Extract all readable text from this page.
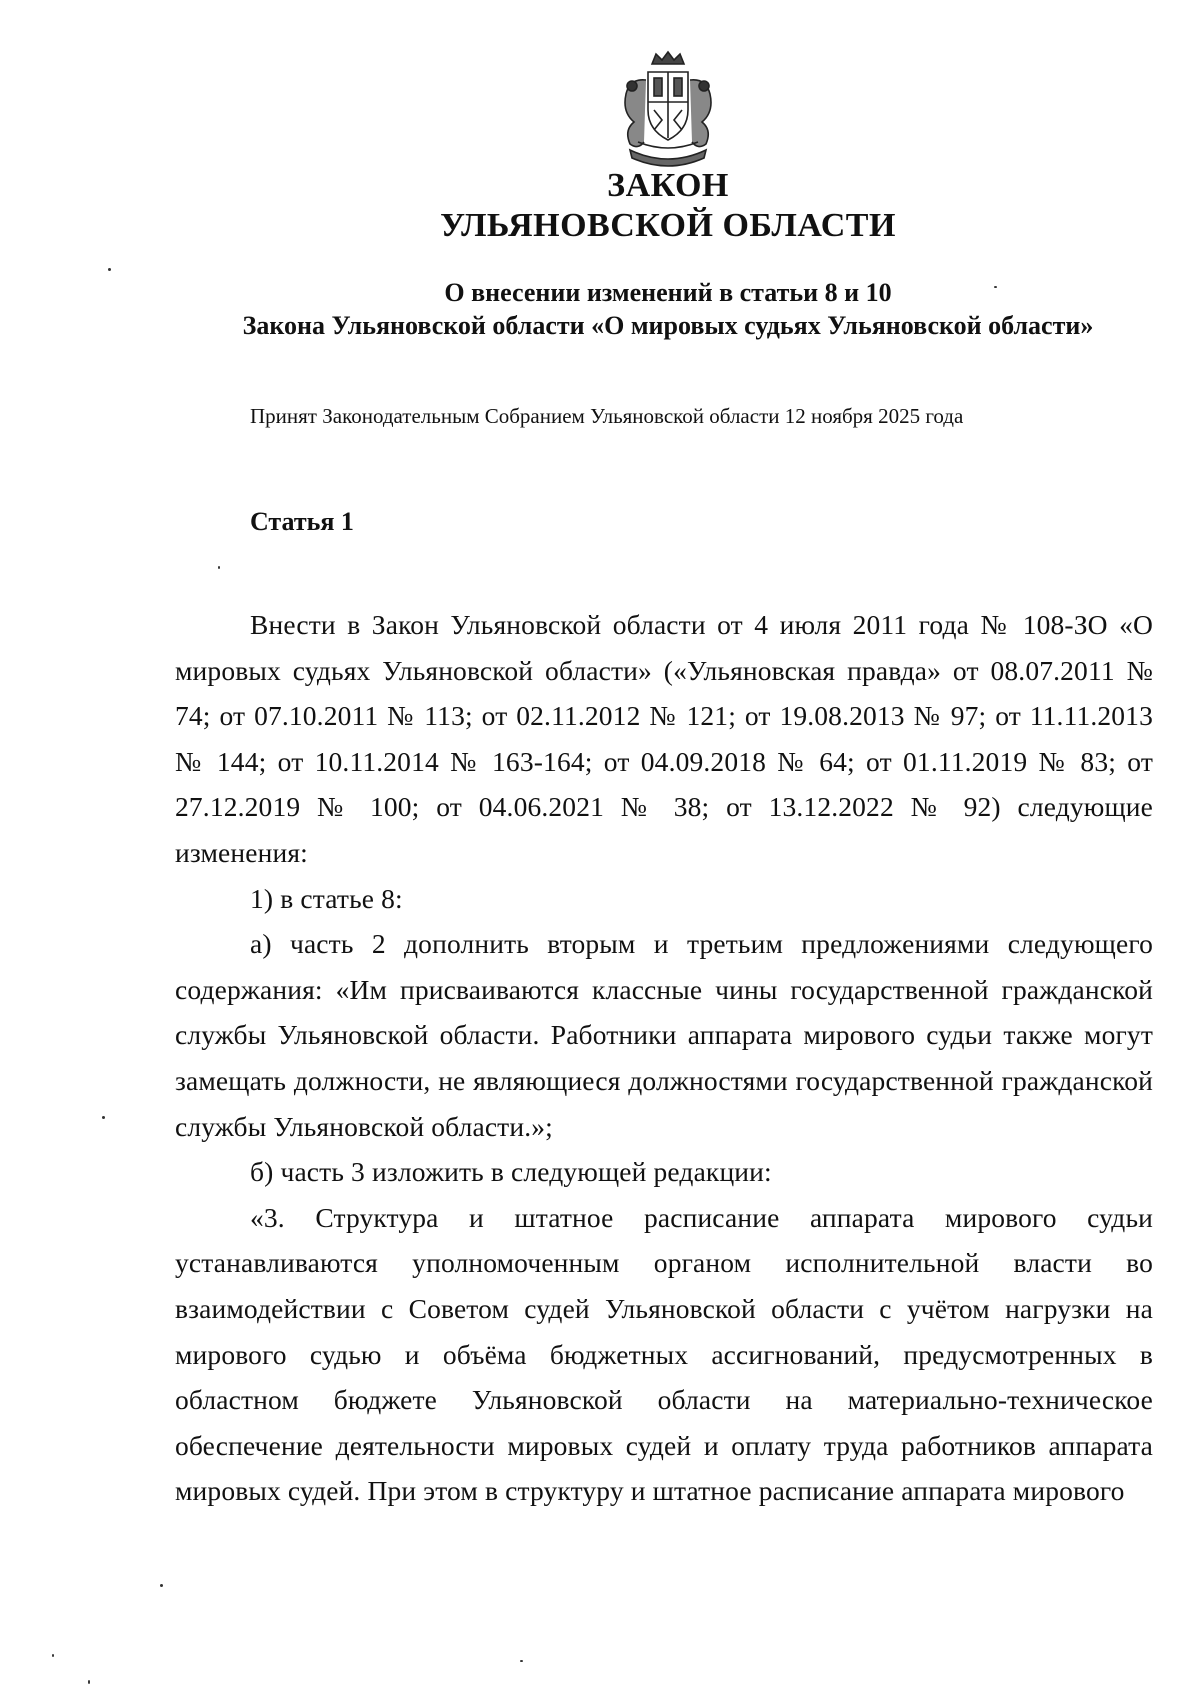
ЗАКОН
УЛЬЯНОВСКОЙ ОБЛАСТИ
О внесении изменений в статьи 8 и 10
Закона Ульяновской области «О мировых судьях Ульяновской области»
Принят Законодательным Собранием Ульяновской области 12 ноября 2025 года
Статья 1

Внести в Закон Ульяновской области от 4 июля 2011 года № 108-ЗО «О мировых судьях Ульяновской области» («Ульяновская правда» от 08.07.2011 № 74; от 07.10.2011 № 113; от 02.11.2012 № 121; от 19.08.2013 № 97; от 11.11.2013 № 144; от 10.11.2014 № 163-164; от 04.09.2018 № 64; от 01.11.2019 № 83; от 27.12.2019 № 100; от 04.06.2021 № 38; от 13.12.2022 № 92) следующие изменения:

1) в статье 8:

а) часть 2 дополнить вторым и третьим предложениями следующего содержания: «Им присваиваются классные чины государственной гражданской службы Ульяновской области. Работники аппарата мирового судьи также могут замещать должности, не являющиеся должностями государственной гражданской службы Ульяновской области.»;

б) часть 3 изложить в следующей редакции:

«3. Структура и штатное расписание аппарата мирового судьи устанавливаются уполномоченным органом исполнительной власти во взаимодействии с Советом судей Ульяновской области с учётом нагрузки на мирового судью и объёма бюджетных ассигнований, предусмотренных в областном бюджете Ульяновской области на материально-техническое обеспечение деятельности мировых судей и оплату труда работников аппарата мировых судей. При этом в структуру и штатное расписание аппарата мирового
